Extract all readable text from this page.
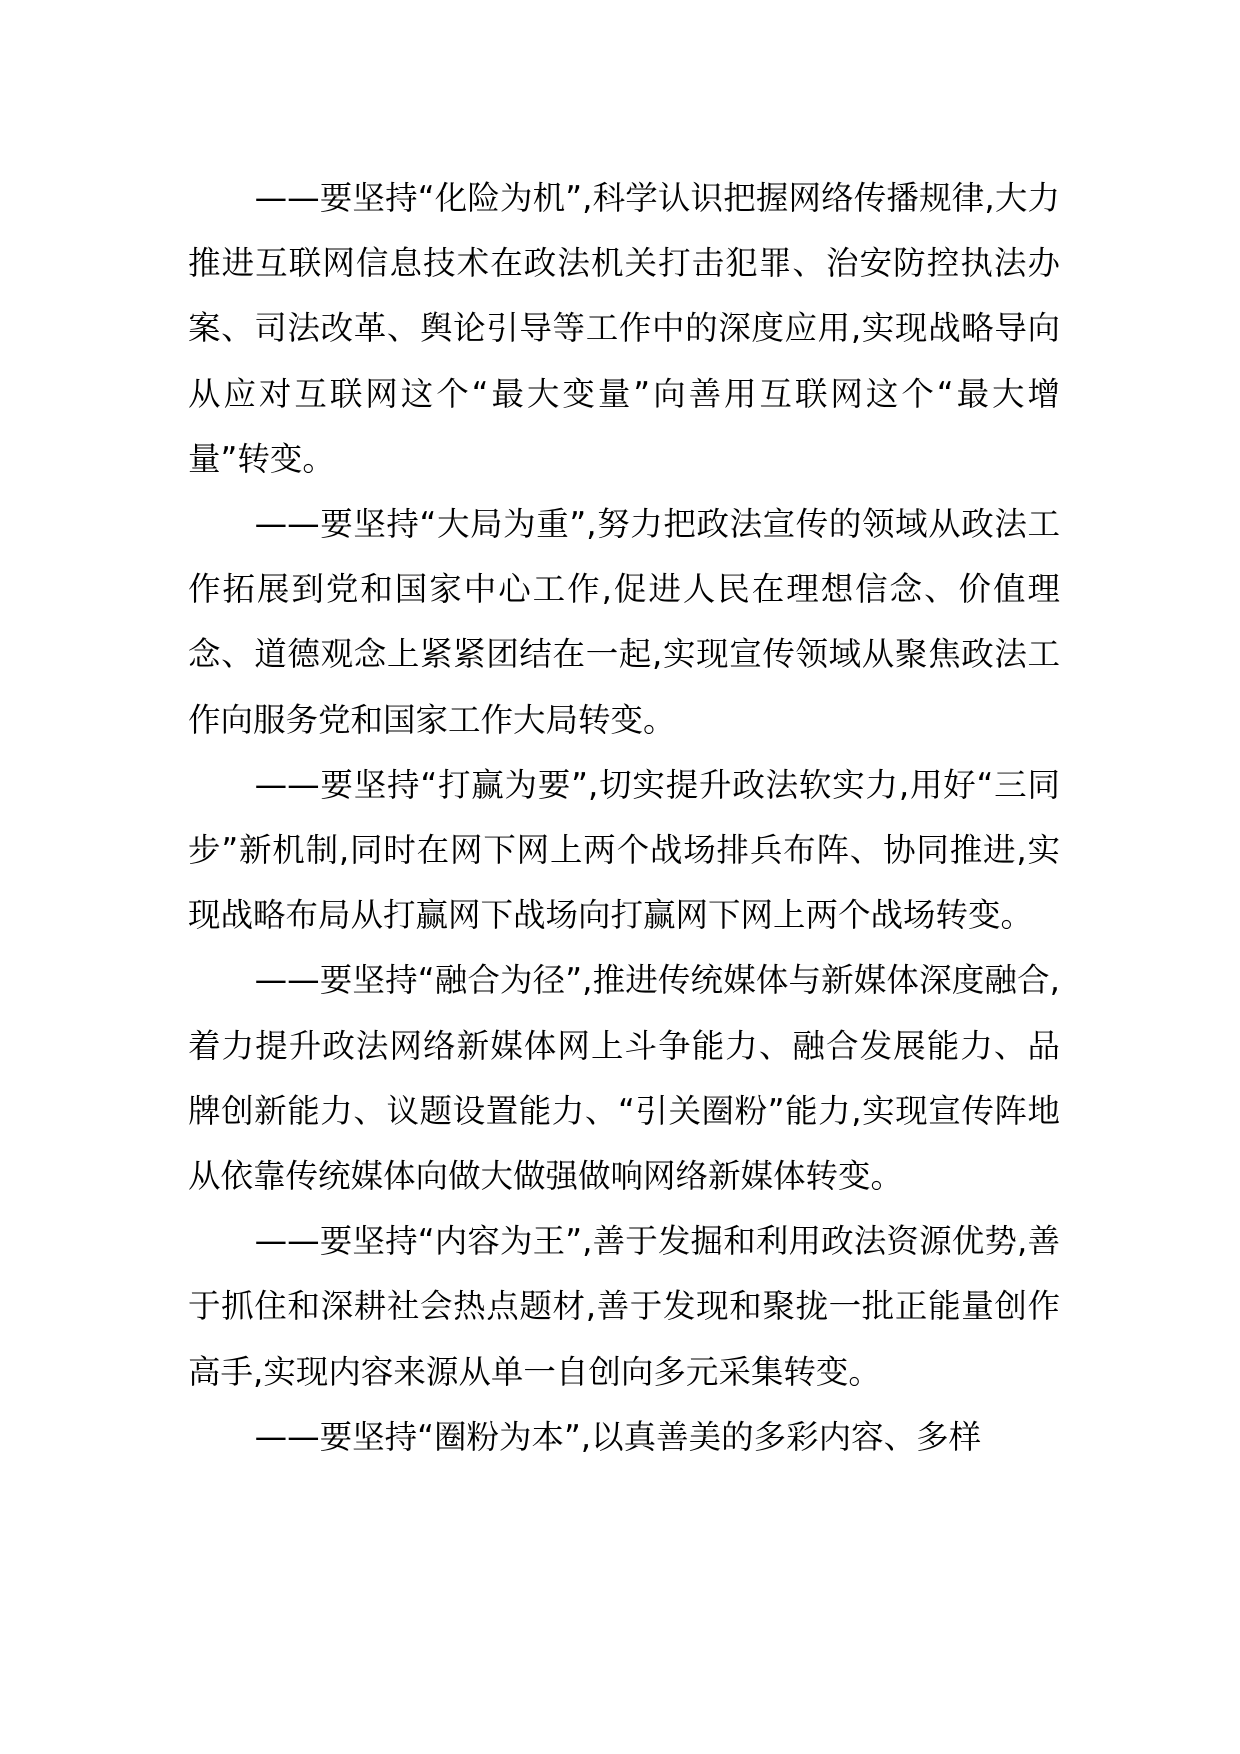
——要坚持“化险为机”,科学认识把握网络传播规律,大力推进互联网信息技术在政法机关打击犯罪、治安防控执法办案、司法改革、舆论引导等工作中的深度应用,实现战略导向从应对互联网这个“最大变量”向善用互联网这个“最大增量”转变。

——要坚持“大局为重”,努力把政法宣传的领域从政法工作拓展到党和国家中心工作,促进人民在理想信念、价值理念、道德观念上紧紧团结在一起,实现宣传领域从聚焦政法工作向服务党和国家工作大局转变。

——要坚持“打赢为要”,切实提升政法软实力,用好“三同步”新机制,同时在网下网上两个战场排兵布阵、协同推进,实现战略布局从打赢网下战场向打赢网下网上两个战场转变。

——要坚持“融合为径”,推进传统媒体与新媒体深度融合,着力提升政法网络新媒体网上斗争能力、融合发展能力、品牌创新能力、议题设置能力、“引关圈粉”能力,实现宣传阵地从依靠传统媒体向做大做强做响网络新媒体转变。

——要坚持“内容为王”,善于发掘和利用政法资源优势,善于抓住和深耕社会热点题材,善于发现和聚拢一批正能量创作高手,实现内容来源从单一自创向多元采集转变。

——要坚持“圈粉为本”,以真善美的多彩内容、多样
